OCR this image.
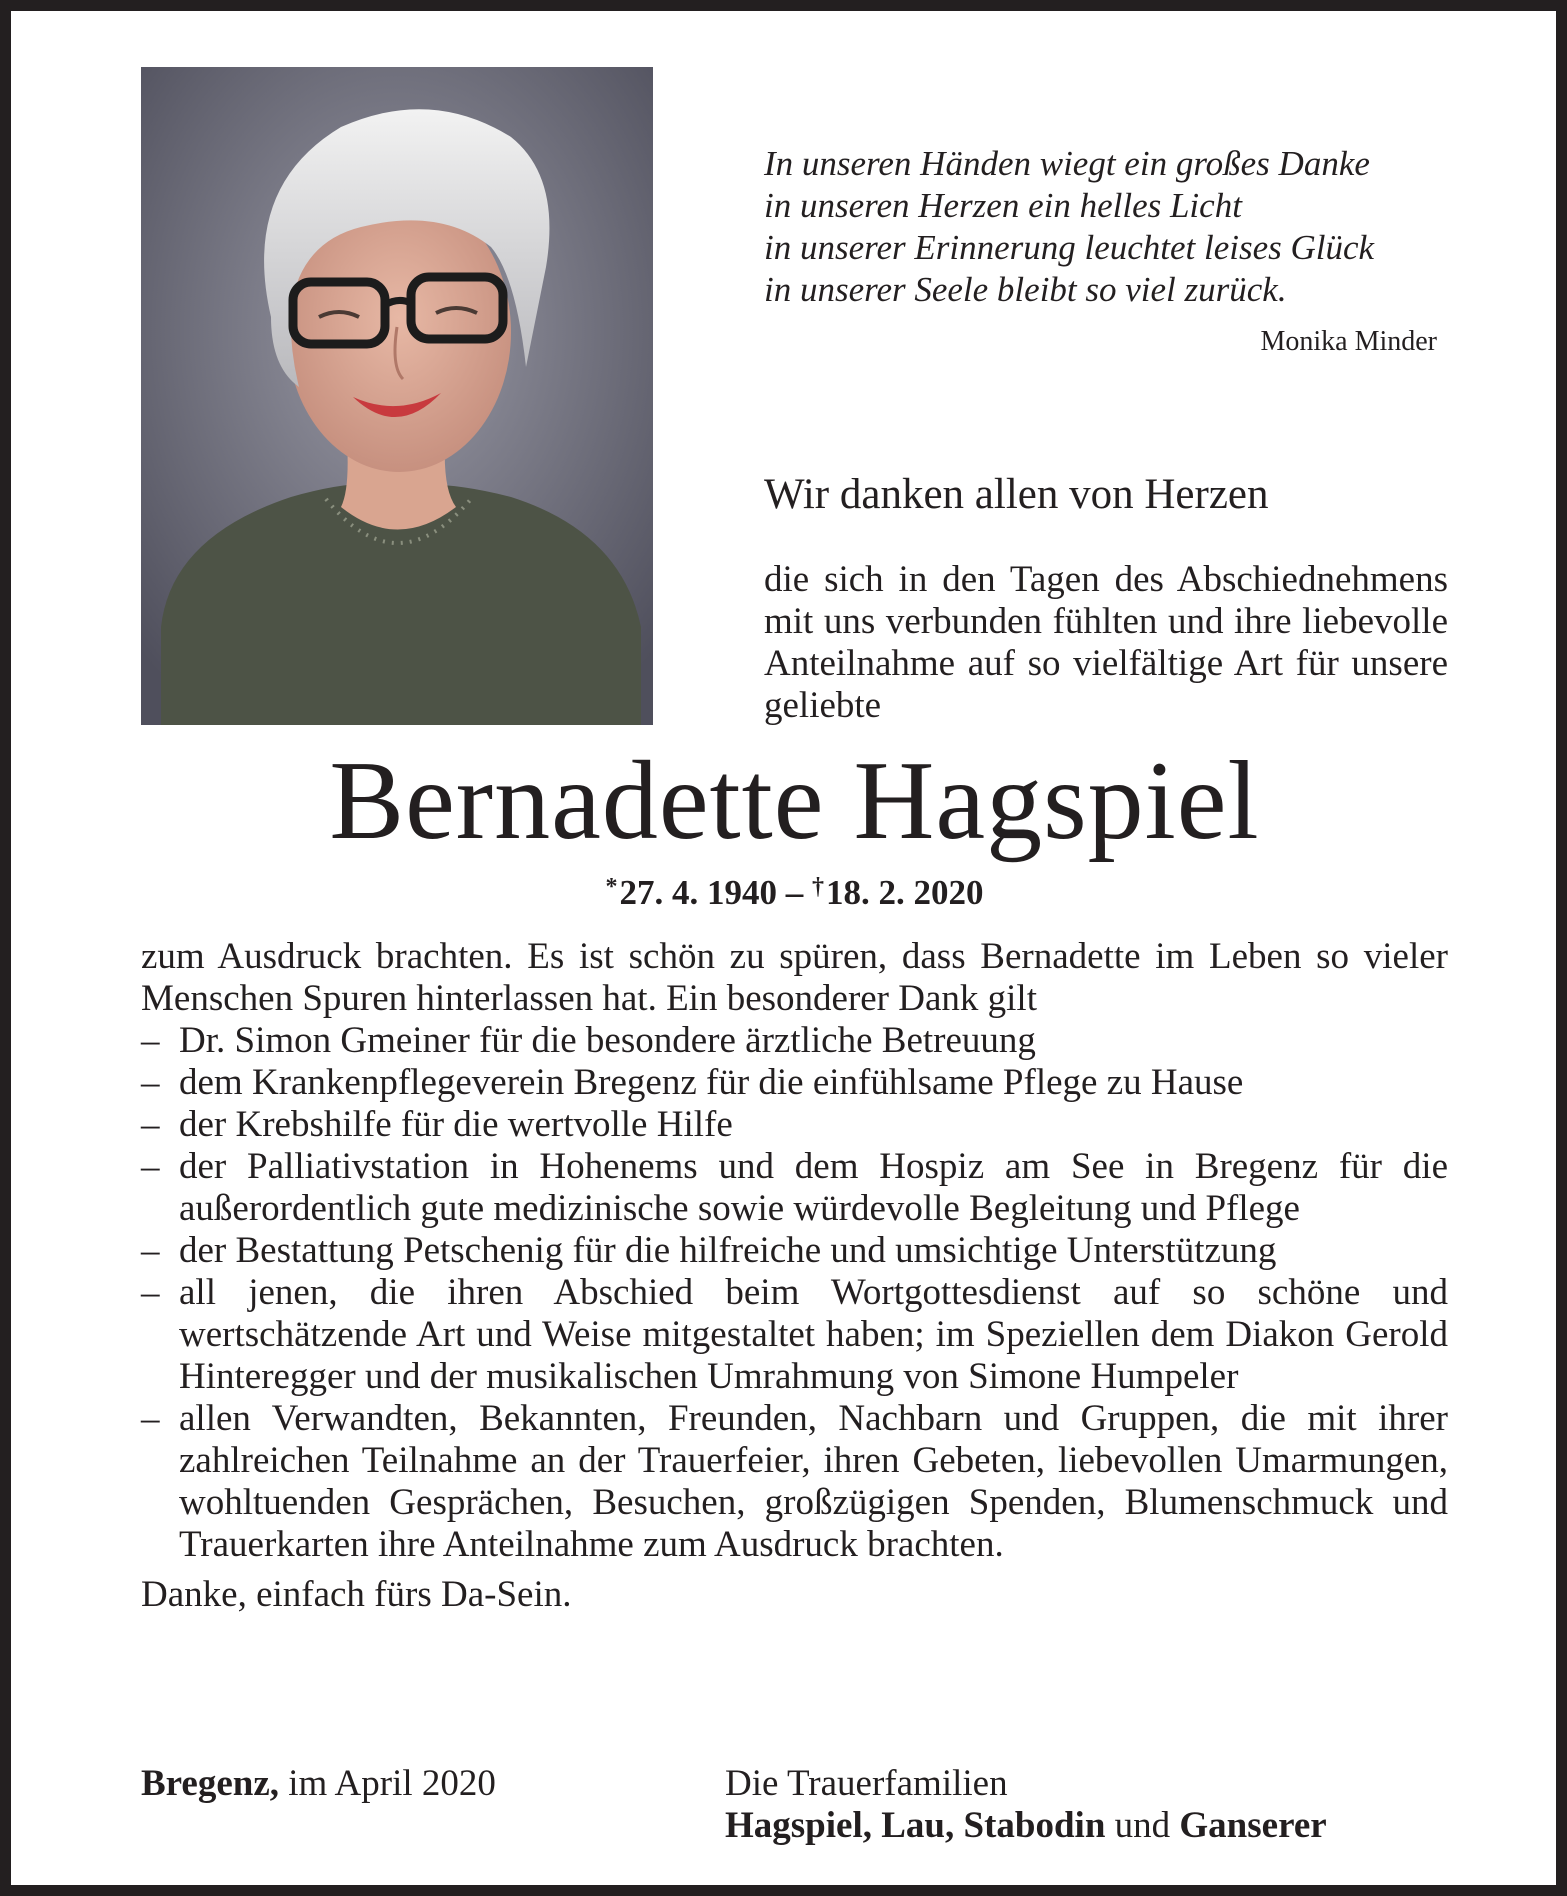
In unseren Händen wiegt ein großes Danke
in unseren Herzen ein helles Licht
in unserer Erinnerung leuchtet leises Glück
in unserer Seele bleibt so viel zurück.
Monika Minder
Wir danken allen von Herzen
die sich in den Tagen des Abschiednehmens mit uns verbunden fühlten und ihre liebevolle Anteilnahme auf so vielfältige Art für unsere geliebte
Bernadette Hagspiel
*27. 4. 1940 – †18. 2. 2020

zum Ausdruck brachten. Es ist schön zu spüren, dass Bernadette im Leben so vieler Menschen Spuren hinterlassen hat. Ein besonderer Dank gilt

– Dr. Simon Gmeiner für die besondere ärztliche Betreuung
– dem Krankenpflegeverein Bregenz für die einfühlsame Pflege zu Hause
– der Krebshilfe für die wertvolle Hilfe
– der Palliativstation in Hohenems und dem Hospiz am See in Bregenz für die außerordentlich gute medizinische sowie würdevolle Begleitung und Pflege
– der Bestattung Petschenig für die hilfreiche und umsichtige Unterstützung
– all jenen, die ihren Abschied beim Wortgottesdienst auf so schöne und wertschätzende Art und Weise mitgestaltet haben; im Speziellen dem Diakon Gerold Hinteregger und der musikalischen Umrahmung von Simone Humpeler
– allen Verwandten, Bekannten, Freunden, Nachbarn und Gruppen, die mit ihrer zahlreichen Teilnahme an der Trauerfeier, ihren Gebeten, liebevollen Umarmungen, wohltuenden Gesprächen, Besuchen, großzügigen Spenden, Blumenschmuck und Trauerkarten ihre Anteilnahme zum Ausdruck brachten.
Danke, einfach fürs Da-Sein.
Bregenz, im April 2020	Die Trauerfamilien
Hagspiel, Lau, Stabodin und Ganserer
